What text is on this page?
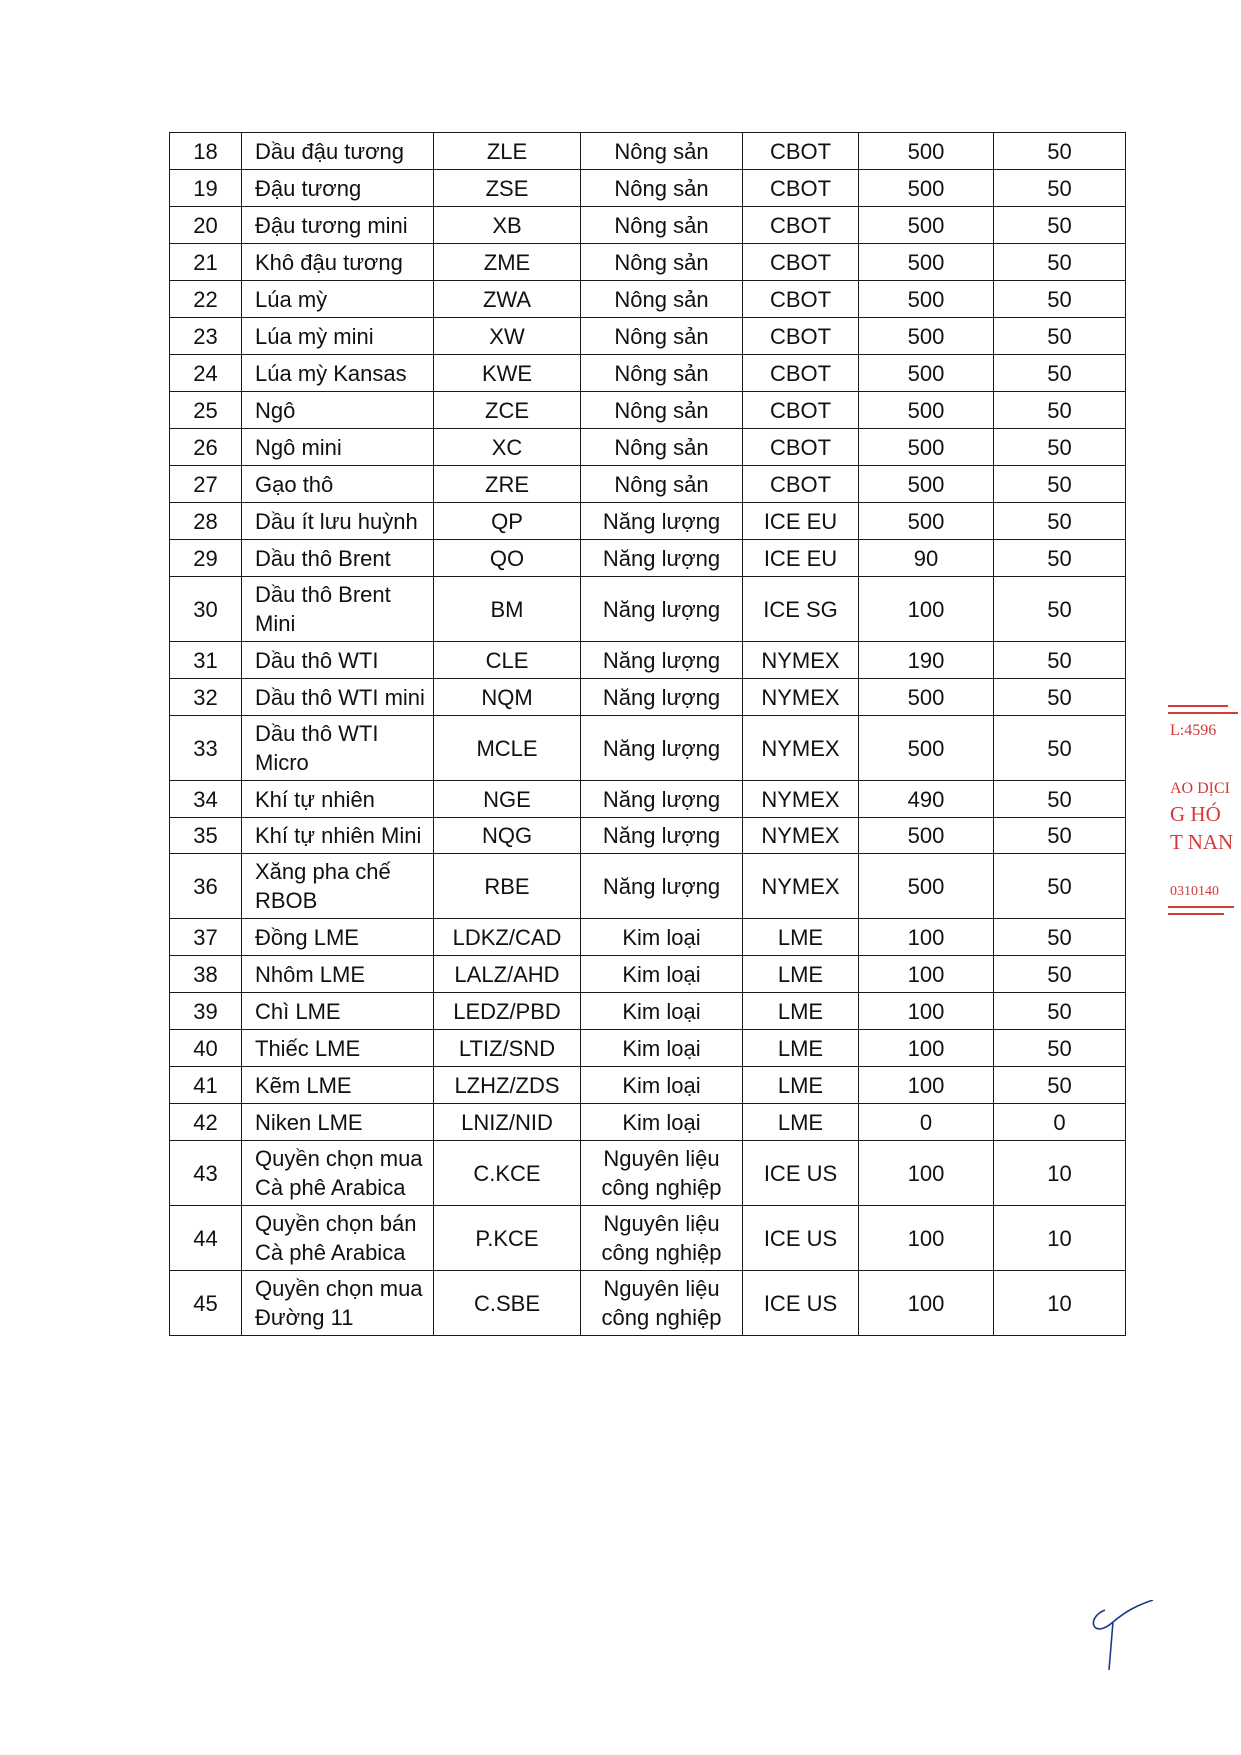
18	Dầu đậu tương	ZLE	Nông sản	CBOT	500	50
19	Đậu tương	ZSE	Nông sản	CBOT	500	50
20	Đậu tương mini	XB	Nông sản	CBOT	500	50
21	Khô đậu tương	ZME	Nông sản	CBOT	500	50
22	Lúa mỳ	ZWA	Nông sản	CBOT	500	50
23	Lúa mỳ mini	XW	Nông sản	CBOT	500	50
24	Lúa mỳ Kansas	KWE	Nông sản	CBOT	500	50
25	Ngô	ZCE	Nông sản	CBOT	500	50
26	Ngô mini	XC	Nông sản	CBOT	500	50
27	Gạo thô	ZRE	Nông sản	CBOT	500	50
28	Dầu ít lưu huỳnh	QP	Năng lượng	ICE EU	500	50
29	Dầu thô Brent	QO	Năng lượng	ICE EU	90	50
30	Dầu thô Brent Mini	BM	Năng lượng	ICE SG	100	50
31	Dầu thô WTI	CLE	Năng lượng	NYMEX	190	50
32	Dầu thô WTI mini	NQM	Năng lượng	NYMEX	500	50
33	Dầu thô WTI Micro	MCLE	Năng lượng	NYMEX	500	50
34	Khí tự nhiên	NGE	Năng lượng	NYMEX	490	50
35	Khí tự nhiên Mini	NQG	Năng lượng	NYMEX	500	50
36	Xăng pha chế RBOB	RBE	Năng lượng	NYMEX	500	50
37	Đồng LME	LDKZ/CAD	Kim loại	LME	100	50
38	Nhôm LME	LALZ/AHD	Kim loại	LME	100	50
39	Chì LME	LEDZ/PBD	Kim loại	LME	100	50
40	Thiếc LME	LTIZ/SND	Kim loại	LME	100	50
41	Kẽm LME	LZHZ/ZDS	Kim loại	LME	100	50
42	Niken LME	LNIZ/NID	Kim loại	LME	0	0
43	Quyền chọn mua Cà phê Arabica	C.KCE	Nguyên liệu công nghiệp	ICE US	100	10
44	Quyền chọn bán Cà phê Arabica	P.KCE	Nguyên liệu công nghiệp	ICE US	100	10
45	Quyền chọn mua Đường 11	C.SBE	Nguyên liệu công nghiệp	ICE US	100	10
L:4596
AO DỊCI
G HÓ
T NAN
0310140
